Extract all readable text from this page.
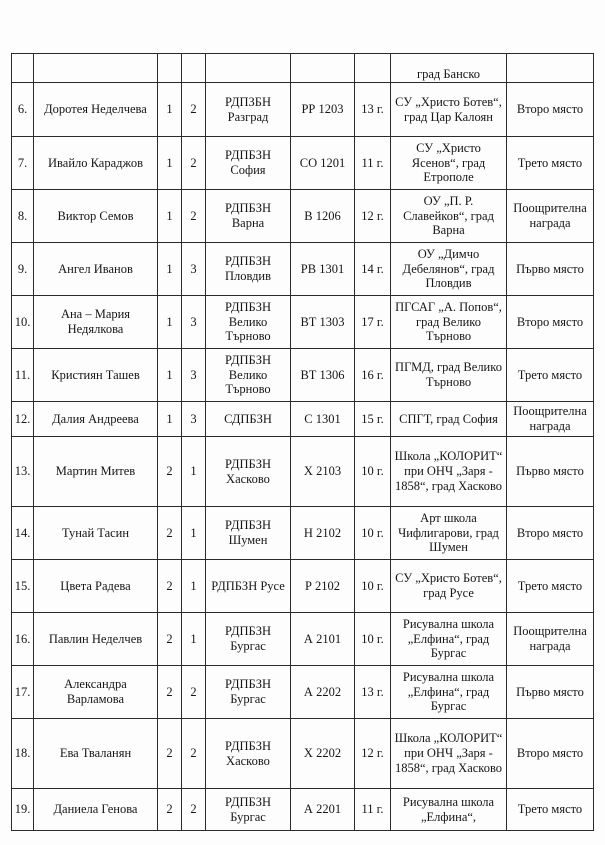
							град Банско	
6.	Доротея Неделчева	1	2	РДПЗБН Разград	РР 1203	13 г.	СУ „Христо Ботев“, град Цар Калоян	Второ място
7.	Ивайло Караджов	1	2	РДПБЗН София	СО 1201	11 г.	СУ „Христо Ясенов“, град Етрополе	Трето място
8.	Виктор Семов	1	2	РДПБЗН Варна	В 1206	12 г.	ОУ „П. Р. Славейков“, град Варна	Поощрителна награда
9.	Ангел Иванов	1	3	РДПБЗН Пловдив	РВ 1301	14 г.	ОУ „Димчо Дебелянов“, град Пловдив	Първо място
10.	Ана – Мария Недялкова	1	3	РДПБЗН Велико Търново	ВТ 1303	17 г.	ПГСАГ „А. Попов“, град Велико Търново	Второ място
11.	Кристиян Ташев	1	3	РДПБЗН Велико Търново	ВТ 1306	16 г.	ПГМД, град Велико Търново	Трето място
12.	Далия Андреева	1	3	СДПБЗН	С 1301	15 г.	СПГТ, град София	Поощрителна награда
13.	Мартин Митев	2	1	РДПБЗН Хасково	Х 2103	10 г.	Школа „КОЛОРИТ“ при ОНЧ „Заря - 1858“, град Хасково	Първо място
14.	Тунай Тасин	2	1	РДПБЗН Шумен	Н 2102	10 г.	Арт школа Чифлигарови, град Шумен	Второ място
15.	Цвета Радева	2	1	РДПБЗН Русе	Р 2102	10 г.	СУ „Христо Ботев“, град Русе	Трето място
16.	Павлин Неделчев	2	1	РДПБЗН Бургас	А 2101	10 г.	Рисувална школа „Елфина“, град Бургас	Поощрителна награда
17.	Александра Варламова	2	2	РДПБЗН Бургас	А 2202	13 г.	Рисувална школа „Елфина“, град Бургас	Първо място
18.	Ева Тваланян	2	2	РДПБЗН Хасково	Х 2202	12 г.	Школа „КОЛОРИТ“ при ОНЧ „Заря - 1858“, град Хасково	Второ място
19.	Даниела Генова	2	2	РДПБЗН Бургас	А 2201	11 г.	Рисувална школа „Елфина“,	Трето място
